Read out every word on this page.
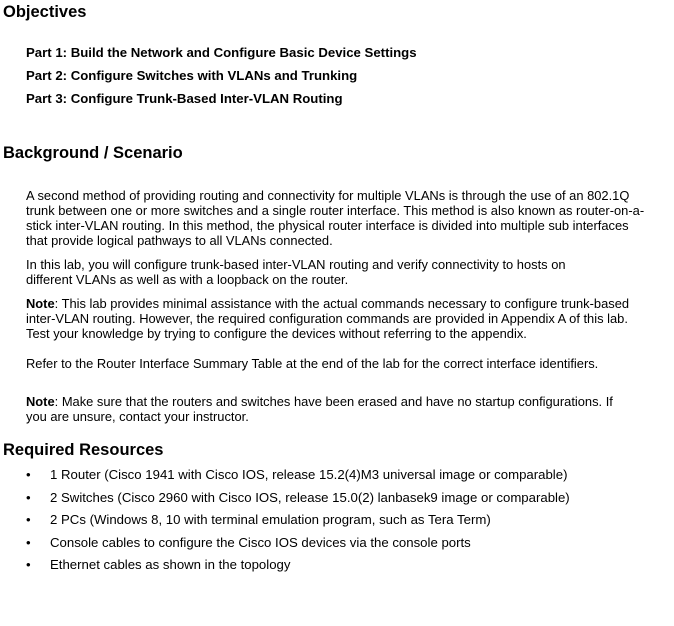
Objectives
Part 1: Build the Network and Configure Basic Device Settings
Part 2: Configure Switches with VLANs and Trunking
Part 3: Configure Trunk-Based Inter-VLAN Routing
Background / Scenario
A second method of providing routing and connectivity for multiple VLANs is through the use of an 802.1Q
trunk between one or more switches and a single router interface. This method is also known as router-on-a-
stick inter-VLAN routing. In this method, the physical router interface is divided into multiple sub interfaces
that provide logical pathways to all VLANs connected.
In this lab, you will configure trunk-based inter-VLAN routing and verify connectivity to hosts on
different VLANs as well as with a loopback on the router.
Note: This lab provides minimal assistance with the actual commands necessary to configure trunk-based
inter-VLAN routing. However, the required configuration commands are provided in Appendix A of this lab.
Test your knowledge by trying to configure the devices without referring to the appendix.
Refer to the Router Interface Summary Table at the end of the lab for the correct interface identifiers.
Note: Make sure that the routers and switches have been erased and have no startup configurations. If
you are unsure, contact your instructor.
Required Resources
•	1 Router (Cisco 1941 with Cisco IOS, release 15.2(4)M3 universal image or comparable)
•	2 Switches (Cisco 2960 with Cisco IOS, release 15.0(2) lanbasek9 image or comparable)
•	2 PCs (Windows 8, 10 with terminal emulation program, such as Tera Term)
•	Console cables to configure the Cisco IOS devices via the console ports
•	Ethernet cables as shown in the topology
